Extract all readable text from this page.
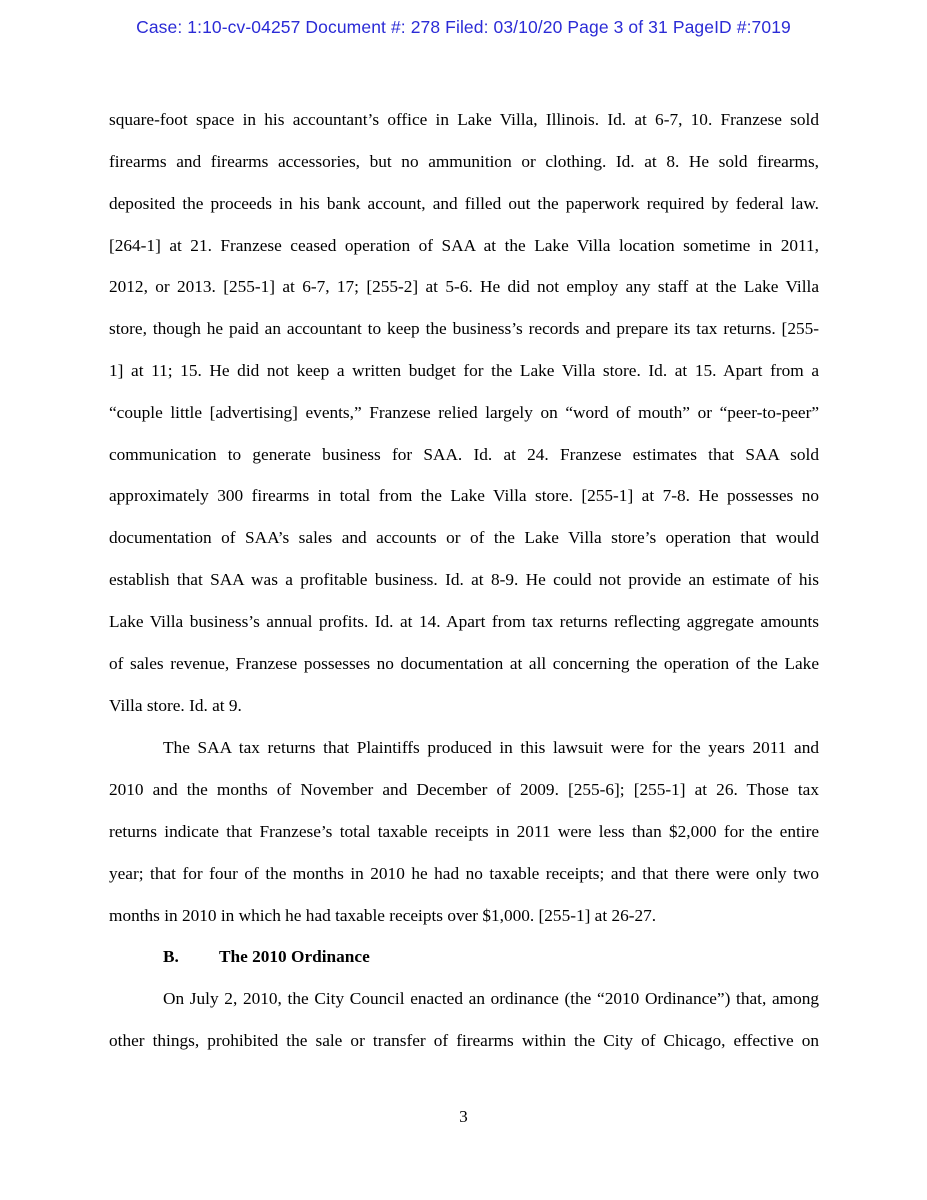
Case: 1:10-cv-04257 Document #: 278 Filed: 03/10/20 Page 3 of 31 PageID #:7019
square-foot space in his accountant’s office in Lake Villa, Illinois. Id. at 6-7, 10. Franzese sold
firearms and firearms accessories, but no ammunition or clothing. Id. at 8. He sold firearms,
deposited the proceeds in his bank account, and filled out the paperwork required by federal law.
[264-1] at 21. Franzese ceased operation of SAA at the Lake Villa location sometime in 2011,
2012, or 2013. [255-1] at 6-7, 17; [255-2] at 5-6. He did not employ any staff at the Lake Villa
store, though he paid an accountant to keep the business’s records and prepare its tax returns. [255-
1] at 11; 15. He did not keep a written budget for the Lake Villa store. Id. at 15. Apart from a
“couple little [advertising] events,” Franzese relied largely on “word of mouth” or “peer-to-peer”
communication to generate business for SAA. Id. at 24. Franzese estimates that SAA sold
approximately 300 firearms in total from the Lake Villa store. [255-1] at 7-8. He possesses no
documentation of SAA’s sales and accounts or of the Lake Villa store’s operation that would
establish that SAA was a profitable business. Id. at 8-9. He could not provide an estimate of his
Lake Villa business’s annual profits. Id. at 14. Apart from tax returns reflecting aggregate amounts
of sales revenue, Franzese possesses no documentation at all concerning the operation of the Lake
Villa store. Id. at 9.
The SAA tax returns that Plaintiffs produced in this lawsuit were for the years 2011 and
2010 and the months of November and December of 2009. [255-6]; [255-1] at 26. Those tax
returns indicate that Franzese’s total taxable receipts in 2011 were less than $2,000 for the entire
year; that for four of the months in 2010 he had no taxable receipts; and that there were only two
months in 2010 in which he had taxable receipts over $1,000. [255-1] at 26-27.
B. The 2010 Ordinance
On July 2, 2010, the City Council enacted an ordinance (the “2010 Ordinance”) that, among
other things, prohibited the sale or transfer of firearms within the City of Chicago, effective on
3
